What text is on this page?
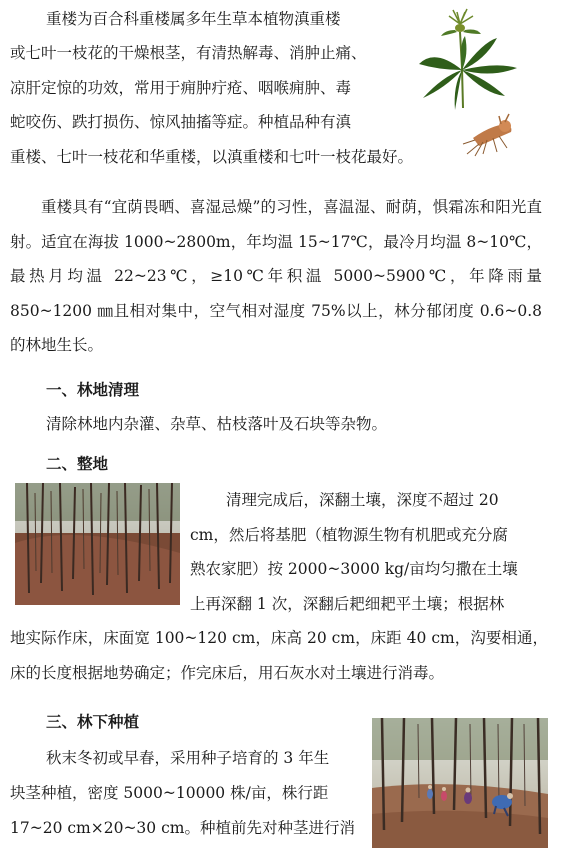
重楼为百合科重楼属多年生草本植物滇重楼

或七叶一枝花的干燥根茎，有清热解毒、消肿止痛、

凉肝定惊的功效，常用于痈肿疔疮、咽喉痈肿、毒

蛇咬伤、跌打损伤、惊风抽搐等症。种植品种有滇

重楼、七叶一枝花和华重楼，以滇重楼和七叶一枝花最好。

重楼具有“宜荫畏晒、喜湿忌燥”的习性，喜温湿、耐荫，惧霜冻和阳光直射。适宜在海拔 1000~2800m，年均温 15~17℃，最冷月均温 8~10℃，最热月均温 22~23℃，≥10℃年积温 5000~5900℃，年降雨量 850~1200 ㎜且相对集中，空气相对湿度 75%以上，林分郁闭度 0.6~0.8 的林地生长。

一、林地清理

清除林地内杂灌、杂草、枯枝落叶及石块等杂物。

二、整地

清理完成后，深翻土壤，深度不超过 20

cm，然后将基肥（植物源生物有机肥或充分腐

熟农家肥）按 2000~3000 kg/亩均匀撒在土壤

上再深翻 1 次，深翻后耙细耙平土壤；根据林

地实际作床，床面宽 100~120 cm，床高 20 cm，床距 40 cm，沟要相通，床的长度根据地势确定；作完床后，用石灰水对土壤进行消毒。

三、林下种植

秋末冬初或早春，采用种子培育的 3 年生

块茎种植，密度 5000~10000 株/亩，株行距

17~20 cm×20~30 cm。种植前先对种茎进行消
